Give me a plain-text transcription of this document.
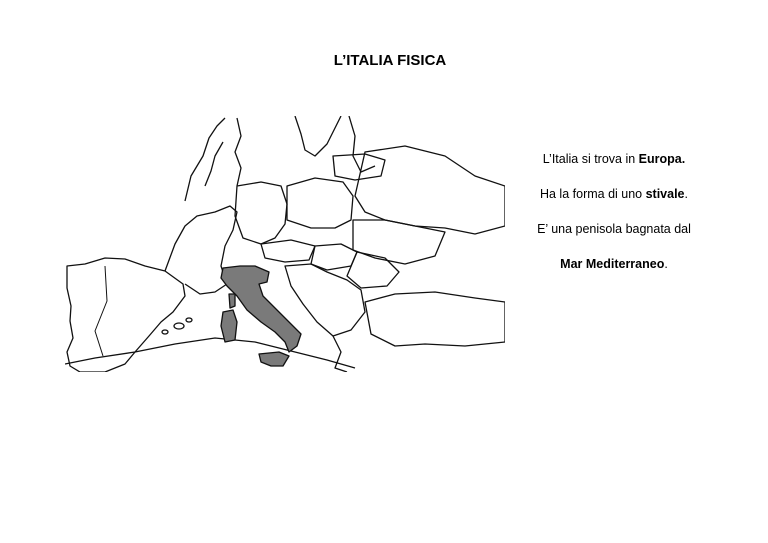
L’ITALIA FISICA

L’Italia si trova in Europa.

Ha la forma di uno stivale.

E’ una penisola bagnata dal

Mar Mediterraneo.
